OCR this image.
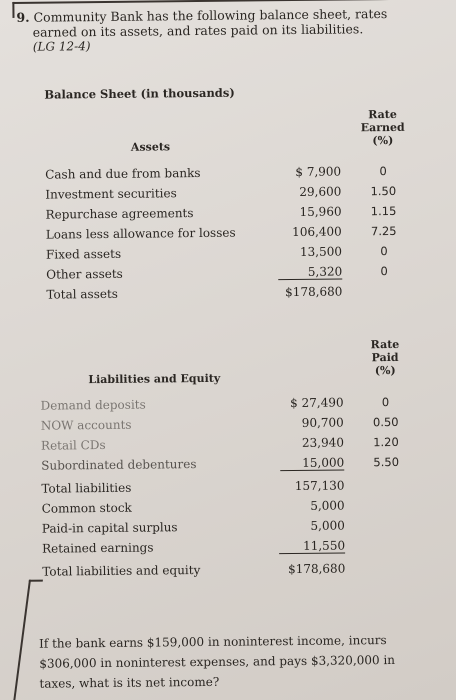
9. Community Bank has the following balance sheet, rates
earned on its assets, and rates paid on its liabilities.
(LG 12-4)
Balance Sheet (in thousands)
Rate
Earned
(%)
Assets
Cash and due from banks	$ 7,900	0
Investment securities	29,600	1.50
Repurchase agreements	15,960	1.15
Loans less allowance for losses	106,400	7.25
Fixed assets	13,500	0
Other assets	5,320	0
Total assets	$178,680
Rate
Paid
(%)
Liabilities and Equity
Demand deposits	$ 27,490	0
NOW accounts	90,700	0.50
Retail CDs	23,940	1.20
Subordinated debentures	15,000	5.50
Total liabilities	157,130
Common stock	5,000
Paid-in capital surplus	5,000
Retained earnings	11,550
Total liabilities and equity	$178,680
If the bank earns $159,000 in noninterest income, incurs
$306,000 in noninterest expenses, and pays $3,320,000 in
taxes, what is its net income?
